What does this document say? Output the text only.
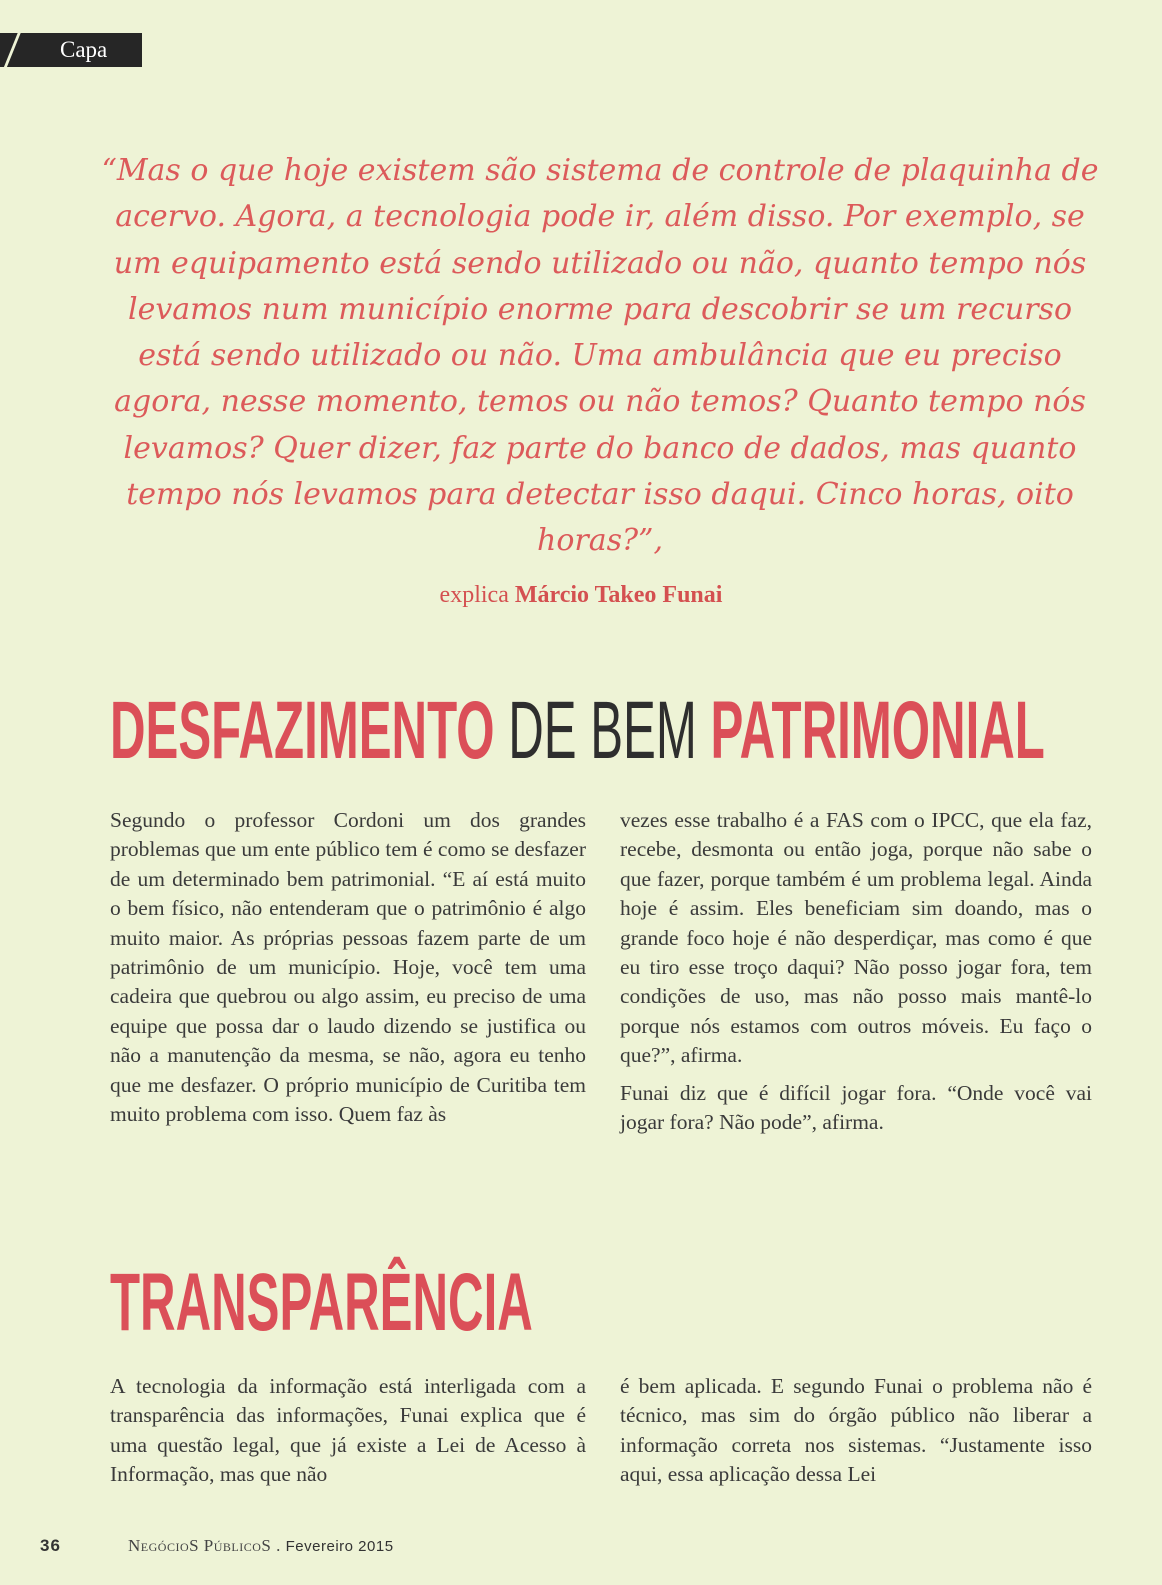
Capa
“Mas o que hoje existem são sistema de controle de plaquinha de acervo. Agora, a tecnologia pode ir, além disso. Por exemplo, se um equipamento está sendo utilizado ou não, quanto tempo nós levamos num município enorme para descobrir se um recurso está sendo utilizado ou não. Uma ambulância que eu preciso agora, nesse momento, temos ou não temos? Quanto tempo nós levamos? Quer dizer, faz parte do banco de dados, mas quanto tempo nós levamos para detectar isso daqui. Cinco horas, oito horas?”,
explica Márcio Takeo Funai
DESFAZIMENTO DE BEM PATRIMONIAL

Segundo o professor Cordoni um dos grandes problemas que um ente público tem é como se desfazer de um determinado bem patrimonial. “E aí está muito o bem físico, não entenderam que o patrimônio é algo muito maior. As próprias pessoas fazem parte de um patrimônio de um município. Hoje, você tem uma cadeira que quebrou ou algo assim, eu preciso de uma equipe que possa dar o laudo dizendo se justifica ou não a manutenção da mesma, se não, agora eu tenho que me desfazer. O próprio município de Curitiba tem muito problema com isso. Quem faz às

vezes esse trabalho é a FAS com o IPCC, que ela faz, recebe, desmonta ou então joga, porque não sabe o que fazer, porque também é um problema legal. Ainda hoje é assim. Eles beneficiam sim doando, mas o grande foco hoje é não desperdiçar, mas como é que eu tiro esse troço daqui? Não posso jogar fora, tem condições de uso, mas não posso mais mantê-lo porque nós estamos com outros móveis. Eu faço o que?”, afirma.

Funai diz que é difícil jogar fora. “Onde você vai jogar fora? Não pode”, afirma.

TRANSPARÊNCIA

A tecnologia da informação está interligada com a transparência das informações, Funai explica que é uma questão legal, que já existe a Lei de Acesso à Informação, mas que não

é bem aplicada. E segundo Funai o problema não é técnico, mas sim do órgão público não liberar a informação correta nos sistemas. “Justamente isso aqui, essa aplicação dessa Lei

36	NegócioS PúblicoS . Fevereiro 2015
